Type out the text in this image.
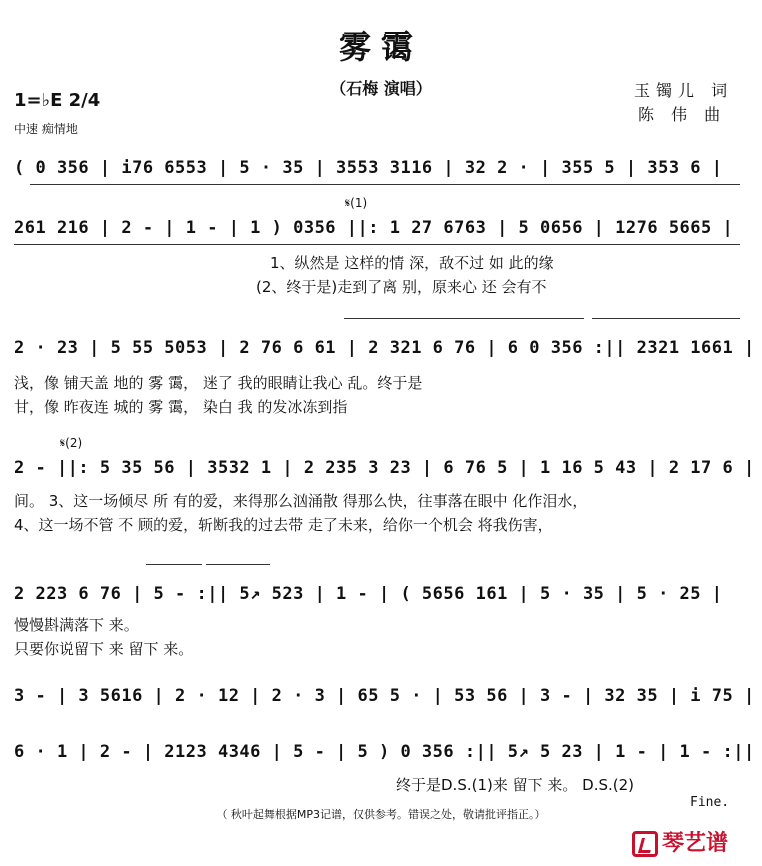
雾霭
（石梅 演唱）	玉镯儿 词
陈 伟 曲
1=♭E 2/4
中速 痴情地
( 0 356 | i76 6553 | 5 · 35 | 3553 3116 | 32 2 · | 355 5 | 353 6 |
𝄋(1)
261 216 | 2 - | 1 - | 1 ) 0356 ||: 1 27 6763 | 5 0656 | 1276 5665 |
1、纵然是 这样的情 深，敌不过 如 此的缘
(2、终于是)走到了离 别，原来心 还 会有不
2 · 23 | 5 55 5053 | 2 76 6 61 | 2 321 6 76 | 6 0 356 :|| 2321 1661 |
浅，像 铺天盖 地的 雾 霭， 迷了 我的眼睛让我心 乱。终于是
甘，像 昨夜连 城的 雾 霭， 染白 我 的发冰冻到指
𝄋(2)
2 - ||: 5 35 56 | 3532 1 | 2 235 3 23 | 6 76 5 | 1 16 5 43 | 2 17 6 |
间。 3、这一场倾尽 所 有的爱，来得那么汹涌散 得那么快，往事落在眼中 化作泪水，
4、这一场不管 不 顾的爱，斩断我的过去带 走了未来，给你一个机会 将我伤害，
2 223 6 76 | 5 - :|| 5↗ 523 | 1 - | ( 5656 161 | 5 · 35 | 5 · 25 |
慢慢斟满落下 来。
只要你说留下 来 留下 来。
3 - | 3 5616 | 2 · 12 | 2 · 3 | 65 5 · | 53 56 | 3 - | 32 35 | i 75 |
6 · 1 | 2 - | 2123 4346 | 5 - | 5 ) 0 356 :|| 5↗ 5 23 | 1 - | 1 - :||
终于是D.S.(1)来 留下 来。 D.S.(2)
Fine.
（ 秋叶起舞根据MP3记谱，仅供参考。错误之处，敬请批评指正。）
琴艺谱
